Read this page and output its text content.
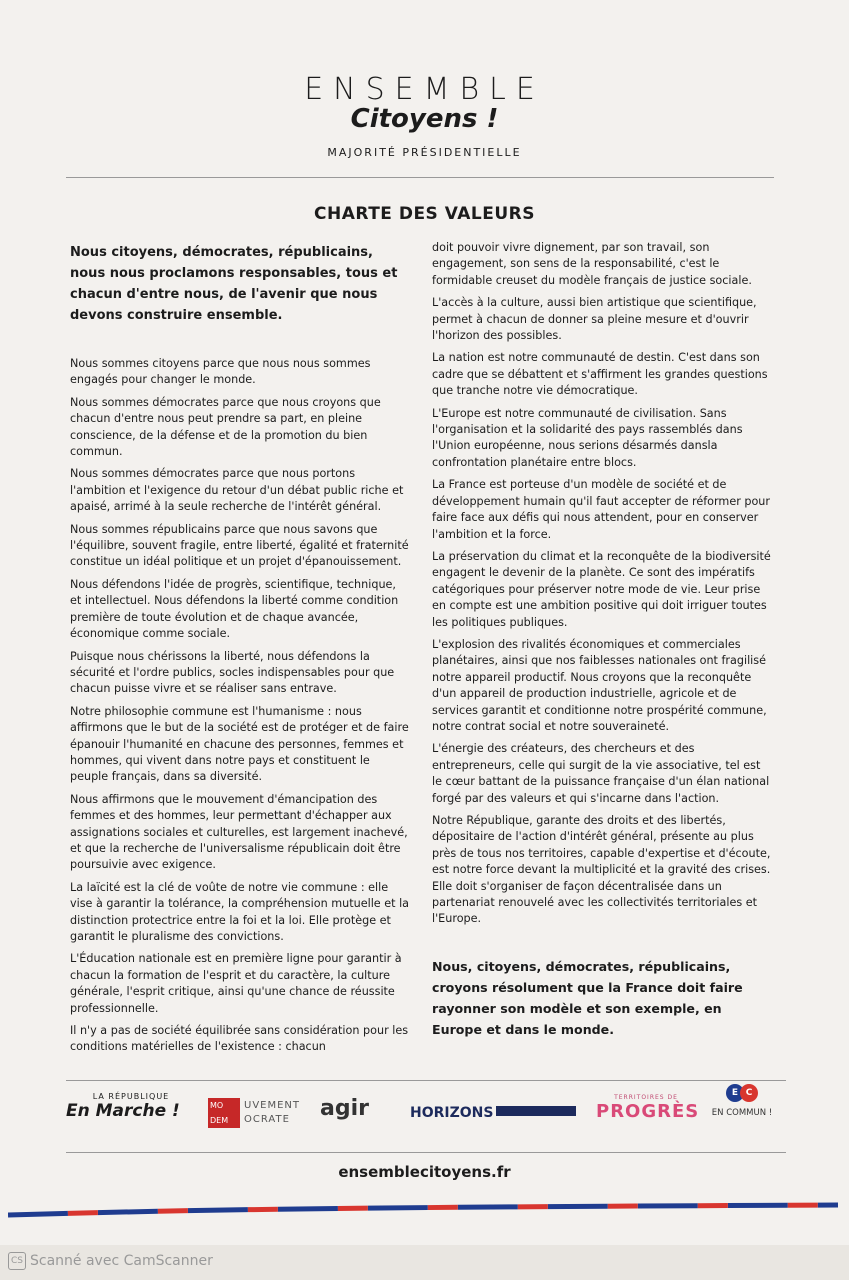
ENSEMBLE
Citoyens !
MAJORITÉ PRÉSIDENTIELLE
CHARTE DES VALEURS

Nous citoyens, démocrates, républicains, nous nous proclamons responsables, tous et chacun d'entre nous, de l'avenir que nous devons construire ensemble.

Nous sommes citoyens parce que nous nous sommes engagés pour changer le monde.

Nous sommes démocrates parce que nous croyons que chacun d'entre nous peut prendre sa part, en pleine conscience, de la défense et de la promotion du bien commun.

Nous sommes démocrates parce que nous portons l'ambition et l'exigence du retour d'un débat public riche et apaisé, arrimé à la seule recherche de l'intérêt général.

Nous sommes républicains parce que nous savons que l'équilibre, souvent fragile, entre liberté, égalité et fraternité constitue un idéal politique et un projet d'épanouissement.

Nous défendons l'idée de progrès, scientifique, technique, et intellectuel. Nous défendons la liberté comme condition première de toute évolution et de chaque avancée, économique comme sociale.

Puisque nous chérissons la liberté, nous défendons la sécurité et l'ordre publics, socles indispensables pour que chacun puisse vivre et se réaliser sans entrave.

Notre philosophie commune est l'humanisme : nous affirmons que le but de la société est de protéger et de faire épanouir l'humanité en chacune des personnes, femmes et hommes, qui vivent dans notre pays et constituent le peuple français, dans sa diversité.

Nous affirmons que le mouvement d'émancipation des femmes et des hommes, leur permettant d'échapper aux assignations sociales et culturelles, est largement inachevé, et que la recherche de l'universalisme républicain doit être poursuivie avec exigence.

La laïcité est la clé de voûte de notre vie commune : elle vise à garantir la tolérance, la compréhension mutuelle et la distinction protectrice entre la foi et la loi. Elle protège et garantit le pluralisme des convictions.

L'Éducation nationale est en première ligne pour garantir à chacun la formation de l'esprit et du caractère, la culture générale, l'esprit critique, ainsi qu'une chance de réussite professionnelle.

Il n'y a pas de société équilibrée sans considération pour les conditions matérielles de l'existence : chacun

doit pouvoir vivre dignement, par son travail, son engagement, son sens de la responsabilité, c'est le formidable creuset du modèle français de justice sociale.

L'accès à la culture, aussi bien artistique que scientifique, permet à chacun de donner sa pleine mesure et d'ouvrir l'horizon des possibles.

La nation est notre communauté de destin. C'est dans son cadre que se débattent et s'affirment les grandes questions que tranche notre vie démocratique.

L'Europe est notre communauté de civilisation. Sans l'organisation et la solidarité des pays rassemblés dans l'Union européenne, nous serions désarmés dansla confrontation planétaire entre blocs.

La France est porteuse d'un modèle de société et de développement humain qu'il faut accepter de réformer pour faire face aux défis qui nous attendent, pour en conserver l'ambition et la force.

La préservation du climat et la reconquête de la biodiversité engagent le devenir de la planète. Ce sont des impératifs catégoriques pour préserver notre mode de vie. Leur prise en compte est une ambition positive qui doit irriguer toutes les politiques publiques.

L'explosion des rivalités économiques et commerciales planétaires, ainsi que nos faiblesses nationales ont fragilisé notre appareil productif. Nous croyons que la reconquête d'un appareil de production industrielle, agricole et de services garantit et conditionne notre prospérité commune, notre contrat social et notre souveraineté.

L'énergie des créateurs, des chercheurs et des entrepreneurs, celle qui surgit de la vie associative, tel est le cœur battant de la puissance française d'un élan national forgé par des valeurs et qui s'incarne dans l'action.

Notre République, garante des droits et des libertés, dépositaire de l'action d'intérêt général, présente au plus près de tous nos territoires, capable d'expertise et d'écoute, est notre force devant la multiplicité et la gravité des crises. Elle doit s'organiser de façon décentralisée dans un partenariat renouvelé avec les collectivités territoriales et l'Europe.

Nous, citoyens, démocrates, républicains, croyons résolument que la France doit faire rayonner son modèle et son exemple, en Europe et dans le monde.

LA RÉPUBLIQUE
En Marche !	MO
DEM
UVEMENT
OCRATE agir	HORIZONS
TERRITOIRES DE
PROGRÈS
E C
EN COMMUN !
ensemblecitoyens.fr
CS Scanné avec CamScanner
